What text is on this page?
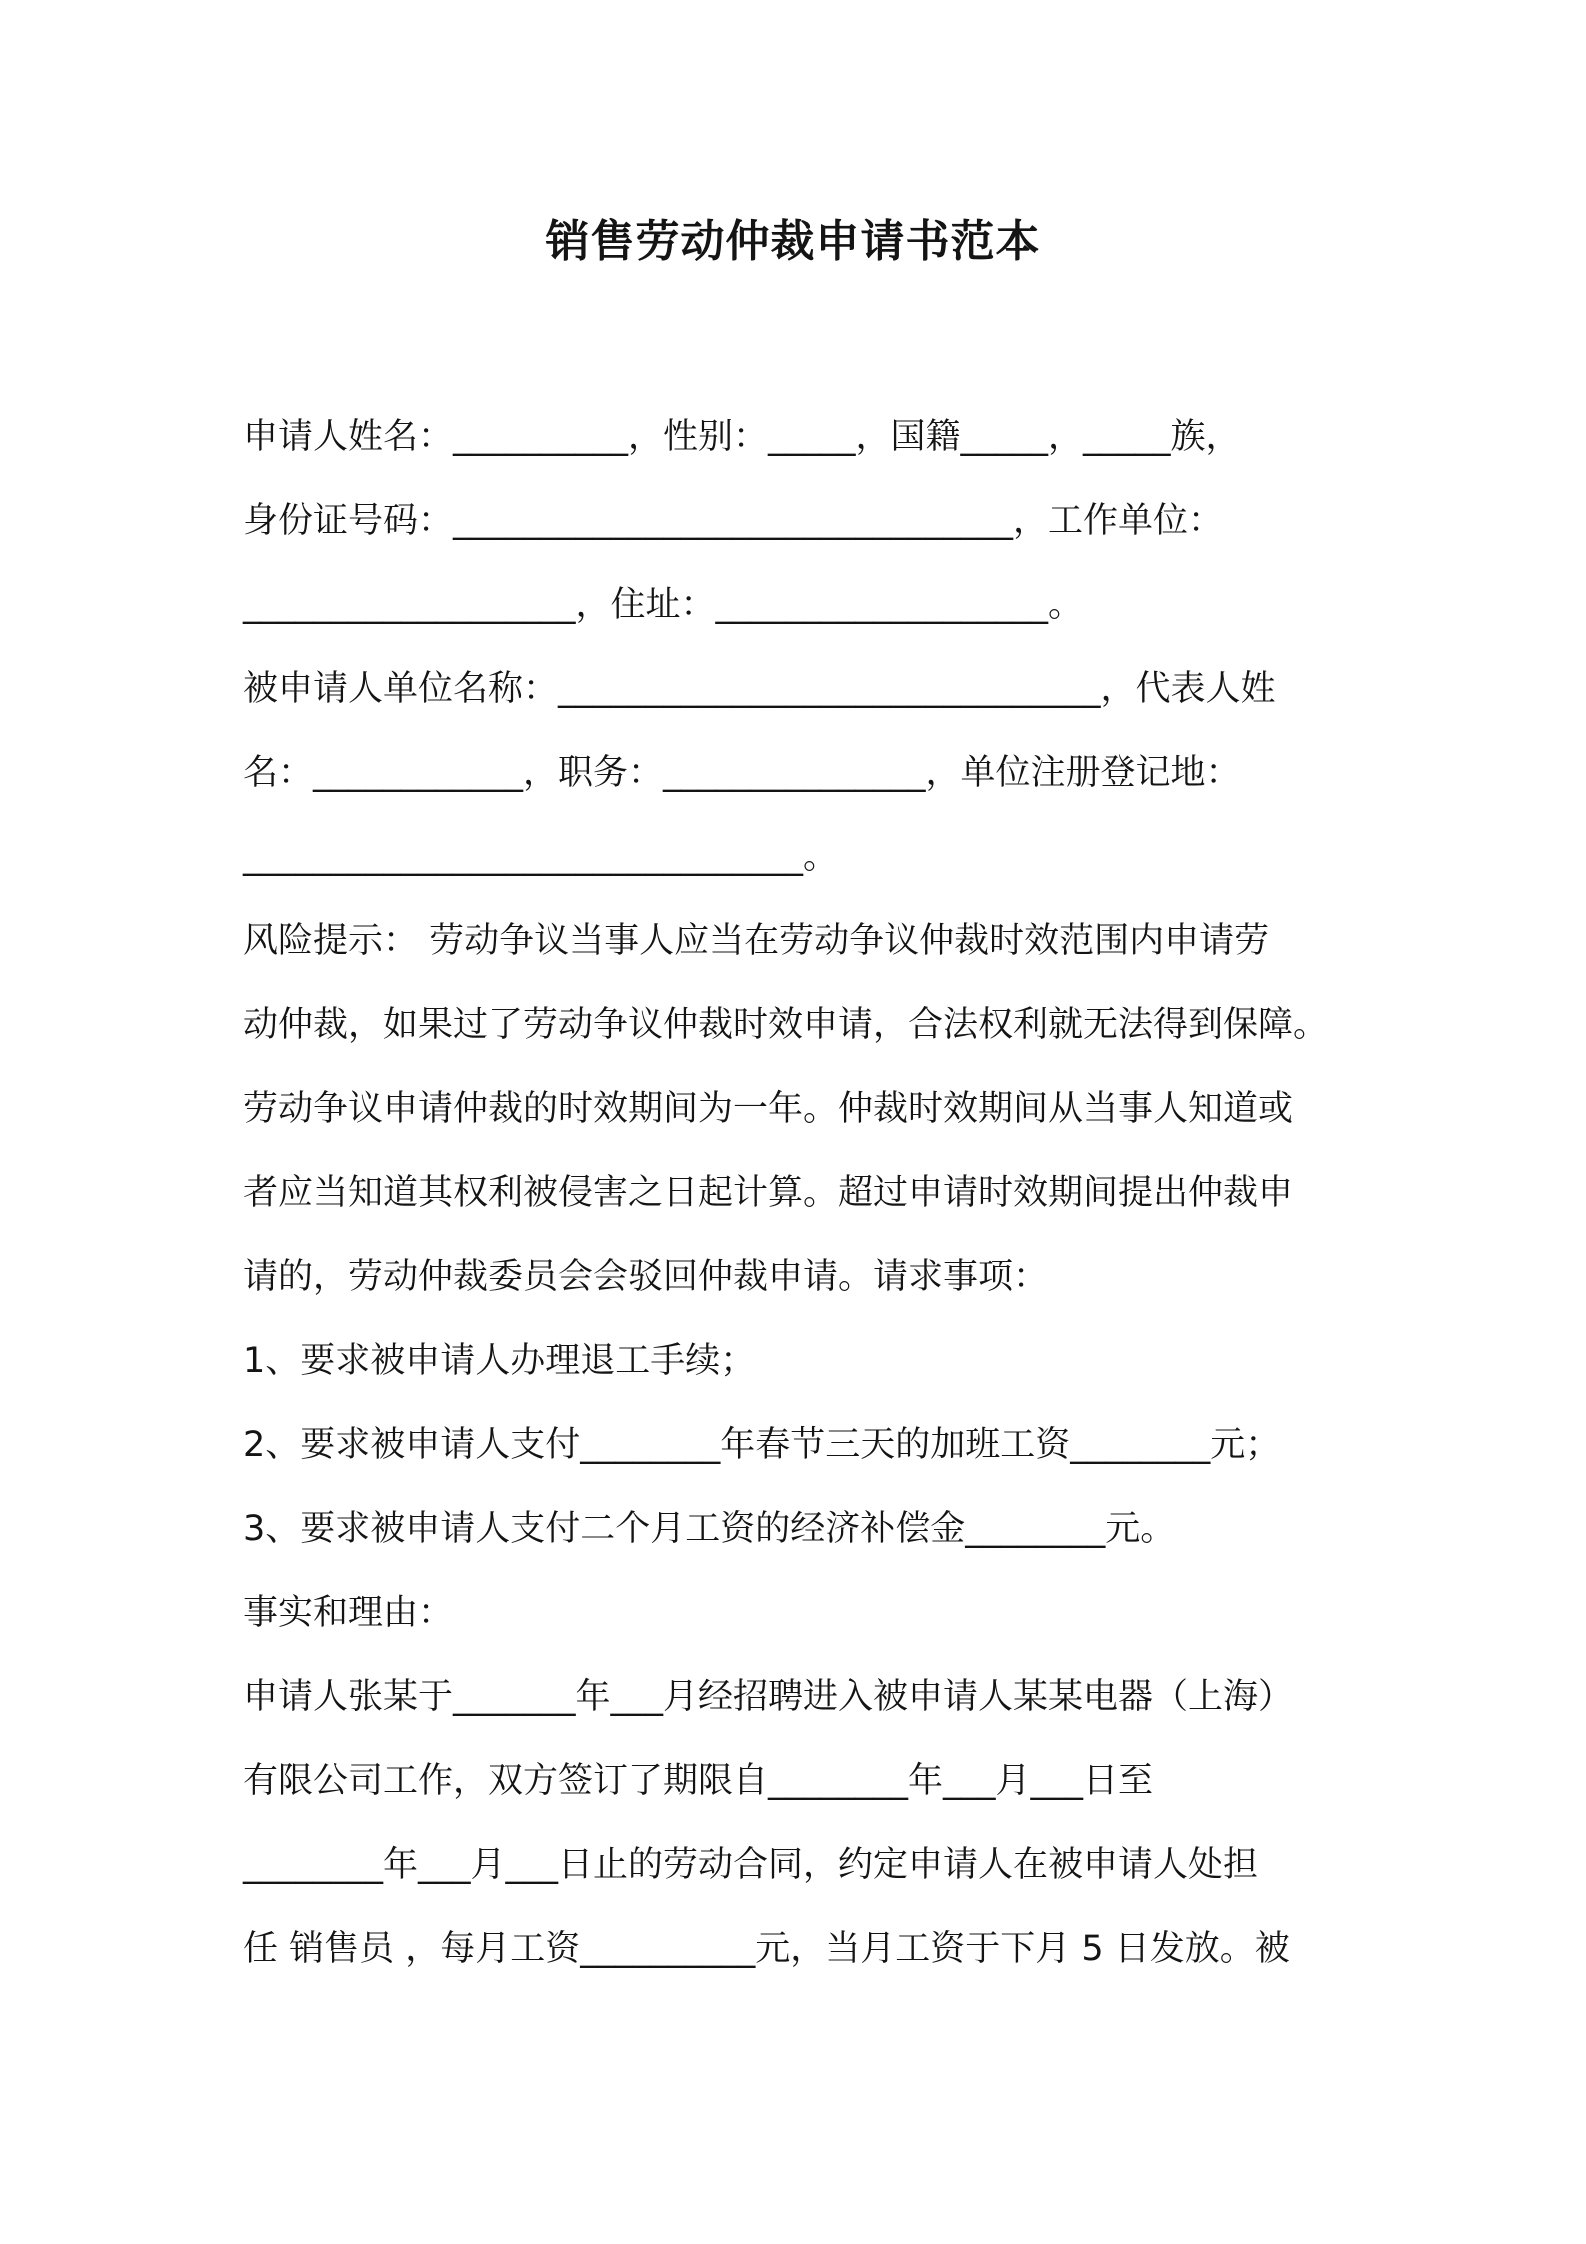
销售劳动仲裁申请书范本
申请人姓名：__________，性别：_____，国籍_____，_____族，
身份证号码：________________________________，工作单位：
___________________，住址：___________________。
被申请人单位名称：_______________________________，代表人姓
名：____________，职务：_______________，单位注册登记地：
________________________________。
风险提示： 劳动争议当事人应当在劳动争议仲裁时效范围内申请劳
动仲裁，如果过了劳动争议仲裁时效申请，合法权利就无法得到保障。
劳动争议申请仲裁的时效期间为一年。仲裁时效期间从当事人知道或
者应当知道其权利被侵害之日起计算。超过申请时效期间提出仲裁申
请的，劳动仲裁委员会会驳回仲裁申请。请求事项：
1、要求被申请人办理退工手续；
2、要求被申请人支付________年春节三天的加班工资________元；
3、要求被申请人支付二个月工资的经济补偿金________元。
事实和理由：
申请人张某于_______年___月经招聘进入被申请人某某电器（上海）
有限公司工作，双方签订了期限自________年___月___日至
________年___月___日止的劳动合同，约定申请人在被申请人处担
任 销售员 ，每月工资__________元，当月工资于下月 5 日发放。被
